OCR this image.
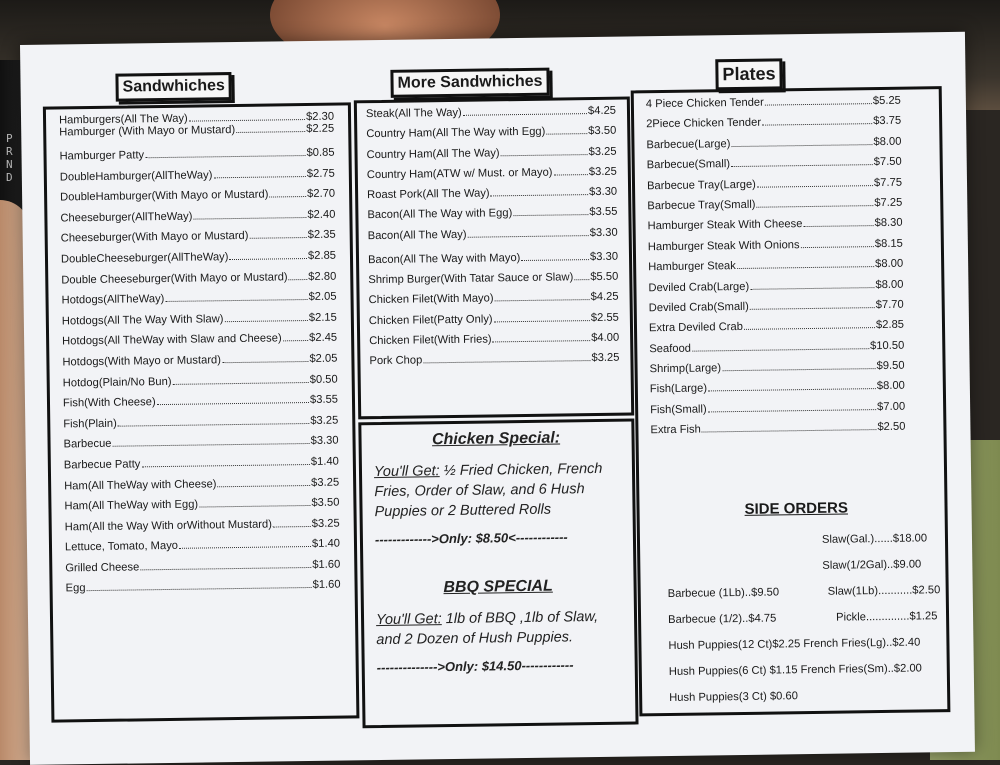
P
R
N
D
Sandwhiches
Hamburgers(All The Way)	$2.30
Hamburger (With Mayo or Mustard)	$2.25
Hamburger Patty	$0.85
DoubleHamburger(AllTheWay)	$2.75
DoubleHamburger(With Mayo or Mustard)	$2.70
Cheeseburger(AllTheWay)	$2.40
Cheeseburger(With Mayo or Mustard)	$2.35
DoubleCheeseburger(AllTheWay)	$2.85
Double Cheeseburger(With Mayo or Mustard) $2.80
Hotdogs(AllTheWay)	$2.05
Hotdogs(All The Way With Slaw)	$2.15
Hotdogs(All TheWay with Slaw and Cheese) $2.45
Hotdogs(With Mayo or Mustard)	$2.05
Hotdog(Plain/No Bun)	$0.50
Fish(With Cheese)	$3.55
Fish(Plain)	$3.25
Barbecue	$3.30
Barbecue Patty	$1.40
Ham(All TheWay with Cheese)	$3.25
Ham(All TheWay with Egg)	$3.50
Ham(All the Way With orWithout Mustard)	$3.25
Lettuce, Tomato, Mayo	$1.40
Grilled Cheese	$1.60
Egg	$1.60
More Sandwhiches
Steak(All The Way)	$4.25
Country Ham(All The Way with Egg)	$3.50
Country Ham(All The Way)	$3.25
Country Ham(ATW w/ Must. or Mayo)	$3.25
Roast Pork(All The Way)	$3.30
Bacon(All The Way with Egg)	$3.55
Bacon(All The Way)	$3.30
Bacon(All The Way with Mayo)	$3.30
Shrimp Burger(With Tatar Sauce or Slaw) $5.50
Chicken Filet(With Mayo)	$4.25
Chicken Filet(Patty Only)	$2.55
Chicken Filet(With Fries)	$4.00
Pork Chop	$3.25
Chicken Special:
You'll Get: ½ Fried Chicken, French Fries, Order of Slaw, and 6 Hush Puppies or 2 Buttered Rolls
------------->Only: $8.50<------------
BBQ SPECIAL
You'll Get: 1lb of BBQ ,1lb of Slaw, and 2 Dozen of Hush Puppies.
-------------->Only: $14.50------------
Plates
4 Piece Chicken Tender	$5.25
2Piece Chicken Tender	$3.75
Barbecue(Large)	$8.00
Barbecue(Small)	$7.50
Barbecue Tray(Large)	$7.75
Barbecue Tray(Small)	$7.25
Hamburger Steak With Cheese	$8.30
Hamburger Steak With Onions	$8.15
Hamburger Steak	$8.00
Deviled Crab(Large)	$8.00
Deviled Crab(Small)	$7.70
Extra Deviled Crab	$2.85
Seafood	$10.50
Shrimp(Large)	$9.50
Fish(Large)	$8.00
Fish(Small)	$7.00
Extra Fish	$2.50
SIDE ORDERS
Slaw(Gal.)......$18.00
Slaw(1/2Gal)..$9.00
Barbecue (1Lb)..$9.50	Slaw(1Lb)...........$2.50
Barbecue (1/2)..$4.75	Pickle..............$1.25
Hush Puppies(12 Ct)$2.25 French Fries(Lg)..$2.40
Hush Puppies(6 Ct) $1.15 French Fries(Sm)..$2.00
Hush Puppies(3 Ct) $0.60
